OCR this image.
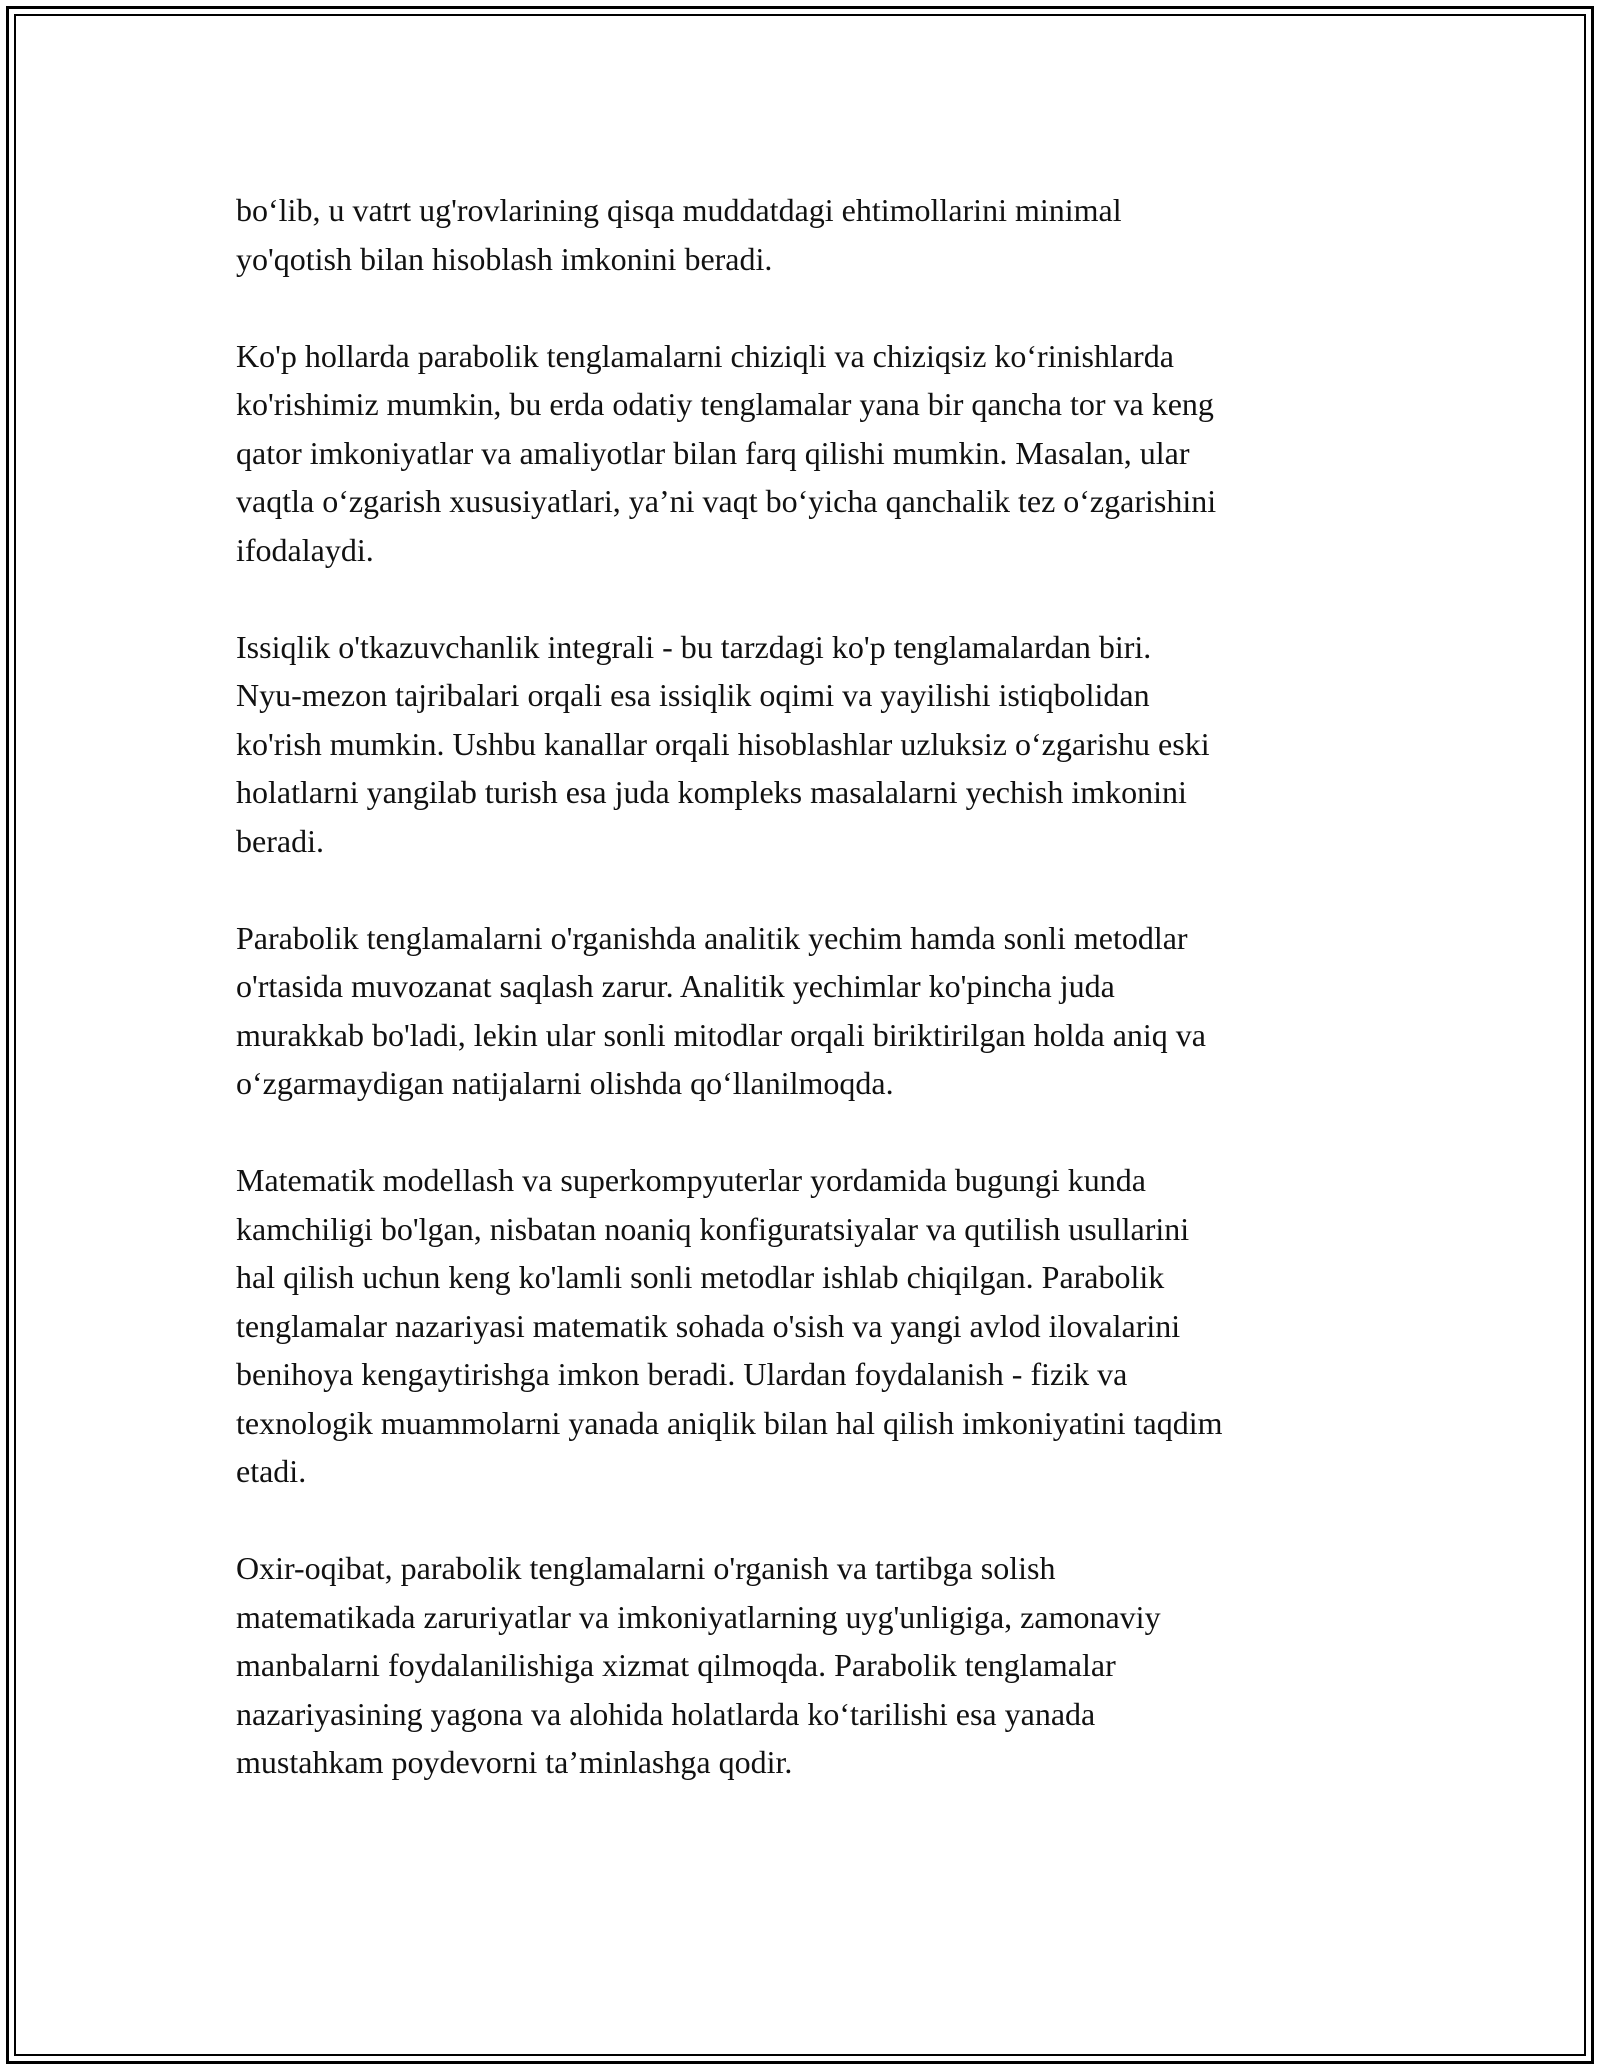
bo‘lib, u vatrt ug'rovlarining qisqa muddatdagi ehtimollarini minimal
yo'qotish bilan hisoblash imkonini beradi.

Ko'p hollarda parabolik tenglamalarni chiziqli va chiziqsiz ko‘rinishlarda
ko'rishimiz mumkin, bu erda odatiy tenglamalar yana bir qancha tor va keng
qator imkoniyatlar va amaliyotlar bilan farq qilishi mumkin. Masalan, ular
vaqtla o‘zgarish xususiyatlari, ya’ni vaqt bo‘yicha qanchalik tez o‘zgarishini
ifodalaydi.

Issiqlik o'tkazuvchanlik integrali - bu tarzdagi ko'p tenglamalardan biri.
Nyu-mezon tajribalari orqali esa issiqlik oqimi va yayilishi istiqbolidan
ko'rish mumkin. Ushbu kanallar orqali hisoblashlar uzluksiz o‘zgarishu eski
holatlarni yangilab turish esa juda kompleks masalalarni yechish imkonini
beradi.

Parabolik tenglamalarni o'rganishda analitik yechim hamda sonli metodlar
o'rtasida muvozanat saqlash zarur. Analitik yechimlar ko'pincha juda
murakkab bo'ladi, lekin ular sonli mitodlar orqali biriktirilgan holda aniq va
o‘zgarmaydigan natijalarni olishda qo‘llanilmoqda.

Matematik modellash va superkompyuterlar yordamida bugungi kunda
kamchiligi bo'lgan, nisbatan noaniq konfiguratsiyalar va qutilish usullarini
hal qilish uchun keng ko'lamli sonli metodlar ishlab chiqilgan. Parabolik
tenglamalar nazariyasi matematik sohada o'sish va yangi avlod ilovalarini
benihoya kengaytirishga imkon beradi. Ulardan foydalanish - fizik va
texnologik muammolarni yanada aniqlik bilan hal qilish imkoniyatini taqdim
etadi.

Oxir-oqibat, parabolik tenglamalarni o'rganish va tartibga solish
matematikada zaruriyatlar va imkoniyatlarning uyg'unligiga, zamonaviy
manbalarni foydalanilishiga xizmat qilmoqda. Parabolik tenglamalar
nazariyasining yagona va alohida holatlarda ko‘tarilishi esa yanada
mustahkam poydevorni ta’minlashga qodir.
